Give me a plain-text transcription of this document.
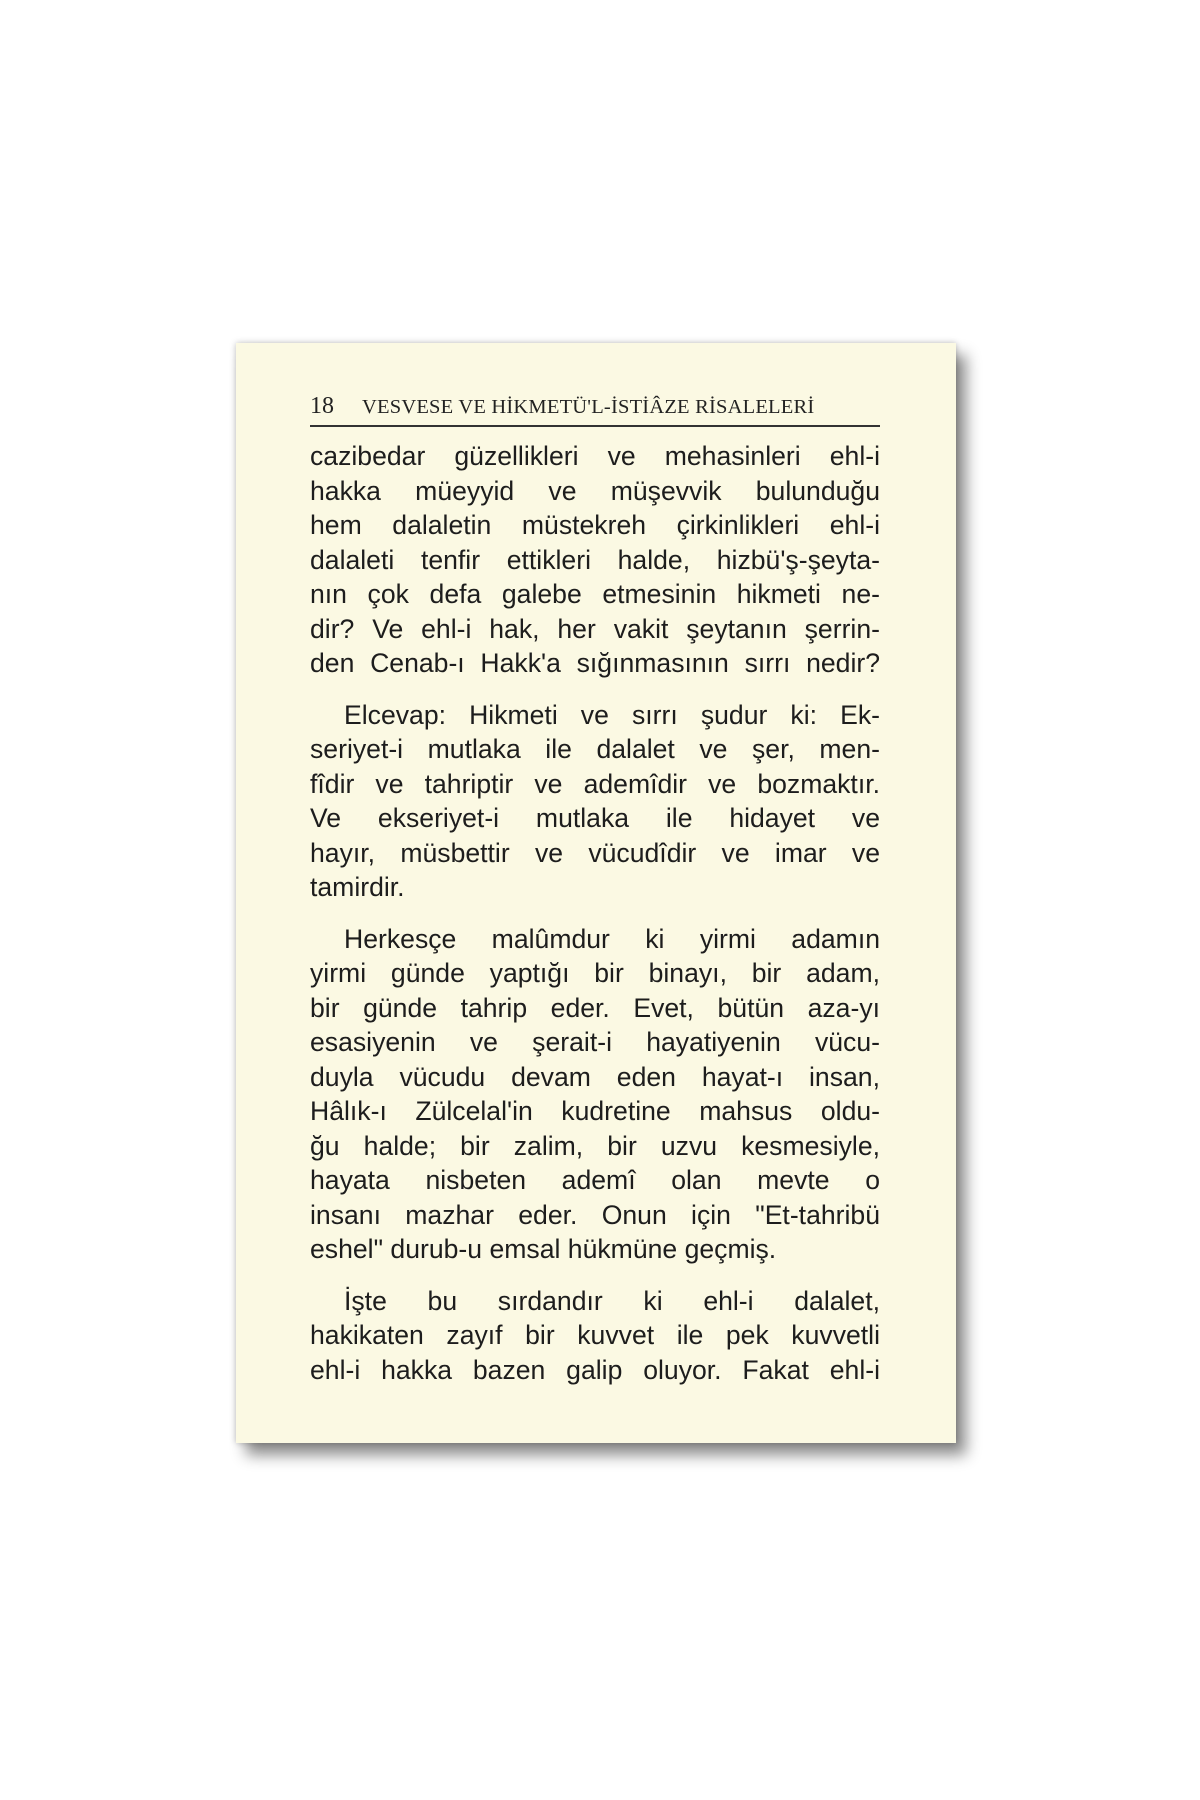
18	VESVESE VE HİKMETÜ'L-İSTİÂZE RİSALELERİ
cazibedar güzellikleri ve mehasinleri ehl-i
hakka müeyyid ve müşevvik bulunduğu
hem dalaletin müstekreh çirkinlikleri ehl-i
dalaleti tenfir ettikleri halde, hizbü'ş-şeyta-
nın çok defa galebe etmesinin hikmeti ne-
dir? Ve ehl-i hak, her vakit şeytanın şerrin-
den Cenab-ı Hakk'a sığınmasının sırrı nedir?
Elcevap: Hikmeti ve sırrı şudur ki: Ek-
seriyet-i mutlaka ile dalalet ve şer, men-
fîdir ve tahriptir ve ademîdir ve bozmaktır.
Ve ekseriyet-i mutlaka ile hidayet ve
hayır, müsbettir ve vücudîdir ve imar ve
tamirdir.
Herkesçe malûmdur ki yirmi adamın
yirmi günde yaptığı bir binayı, bir adam,
bir günde tahrip eder. Evet, bütün aza-yı
esasiyenin ve şerait-i hayatiyenin vücu-
duyla vücudu devam eden hayat-ı insan,
Hâlık-ı Zülcelal'in kudretine mahsus oldu-
ğu halde; bir zalim, bir uzvu kesmesiyle,
hayata nisbeten ademî olan mevte o
insanı mazhar eder. Onun için "Et-tahribü
eshel" durub-u emsal hükmüne geçmiş.
İşte bu sırdandır ki ehl-i dalalet,
hakikaten zayıf bir kuvvet ile pek kuvvetli
ehl-i hakka bazen galip oluyor. Fakat ehl-i
